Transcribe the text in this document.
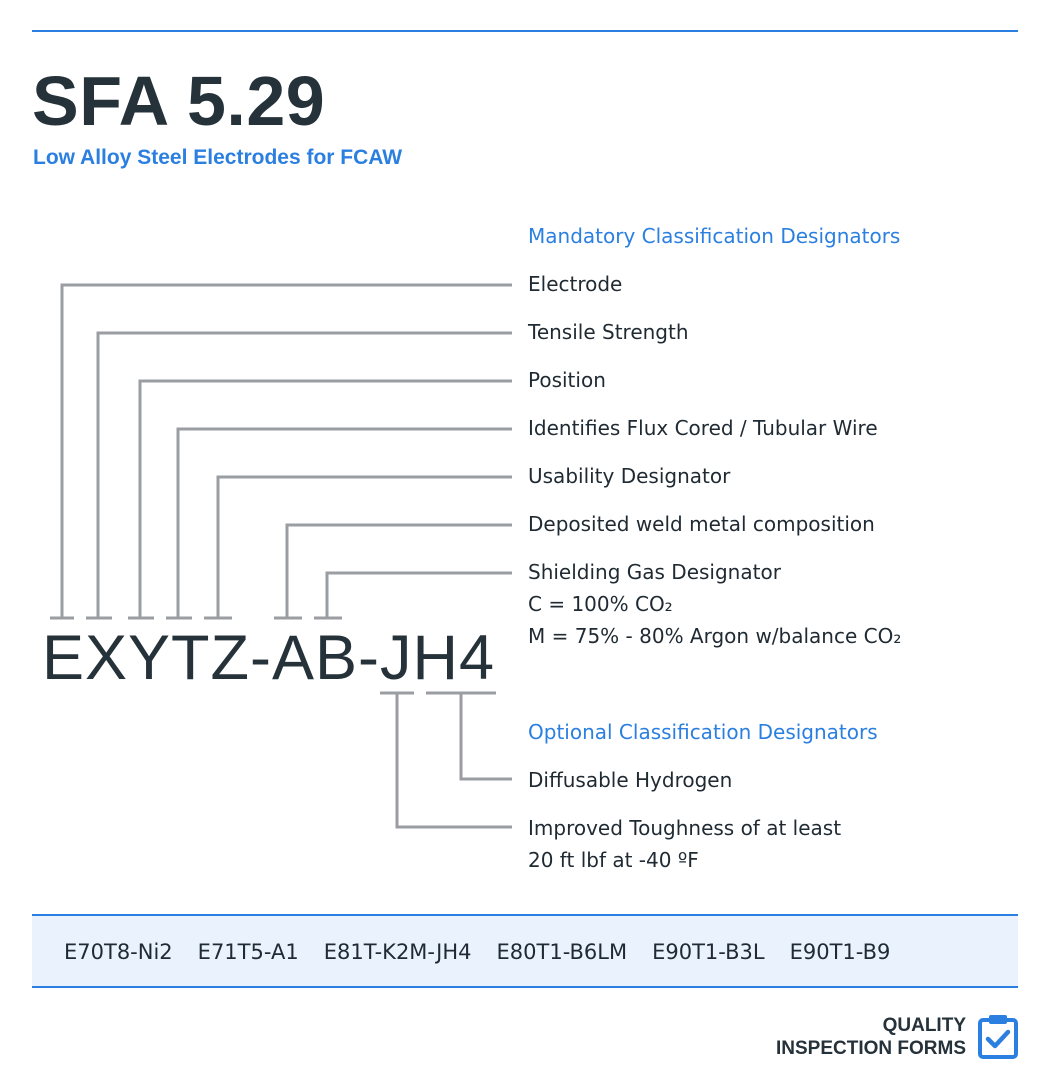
SFA 5.29
Low Alloy Steel Electrodes for FCAW
EXYTZ-AB-JH4
Mandatory Classification Designators
Electrode
Tensile Strength
Position
Identifies Flux Cored / Tubular Wire
Usability Designator
Deposited weld metal composition
Shielding Gas Designator
C = 100% CO₂
M = 75% - 80% Argon w/balance CO₂
Optional Classification Designators
Diffusable Hydrogen
Improved Toughness of at least
20 ft lbf at -40 ºF
E70T8-Ni2 E71T5-A1 E81T-K2M-JH4 E80T1-B6LM E90T1-B3L E90T1-B9
QUALITY
INSPECTION FORMS
